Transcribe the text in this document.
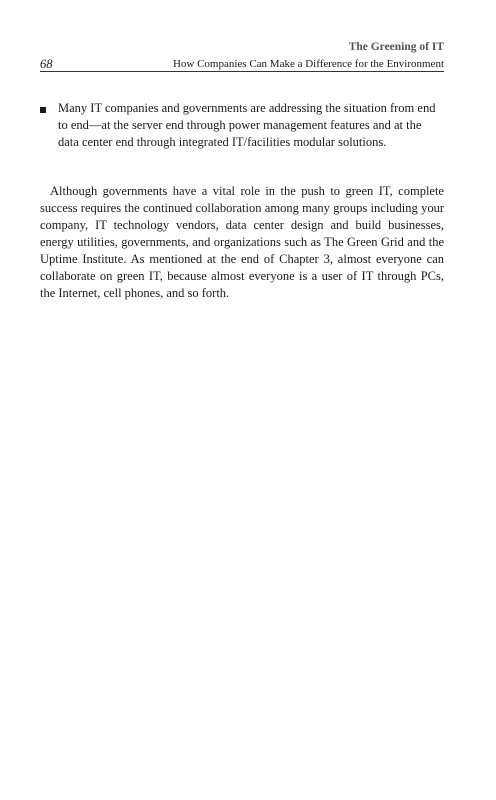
The Greening of IT
68	How Companies Can Make a Difference for the Environment
Many IT companies and governments are addressing the situation from end to end—at the server end through power management features and at the data center end through integrated IT/facilities modular solutions.

Although governments have a vital role in the push to green IT, complete success requires the continued collaboration among many groups including your company, IT technology vendors, data center design and build businesses, energy utilities, governments, and organizations such as The Green Grid and the Uptime Institute. As mentioned at the end of Chapter 3, almost everyone can collaborate on green IT, because almost everyone is a user of IT through PCs, the Internet, cell phones, and so forth.
